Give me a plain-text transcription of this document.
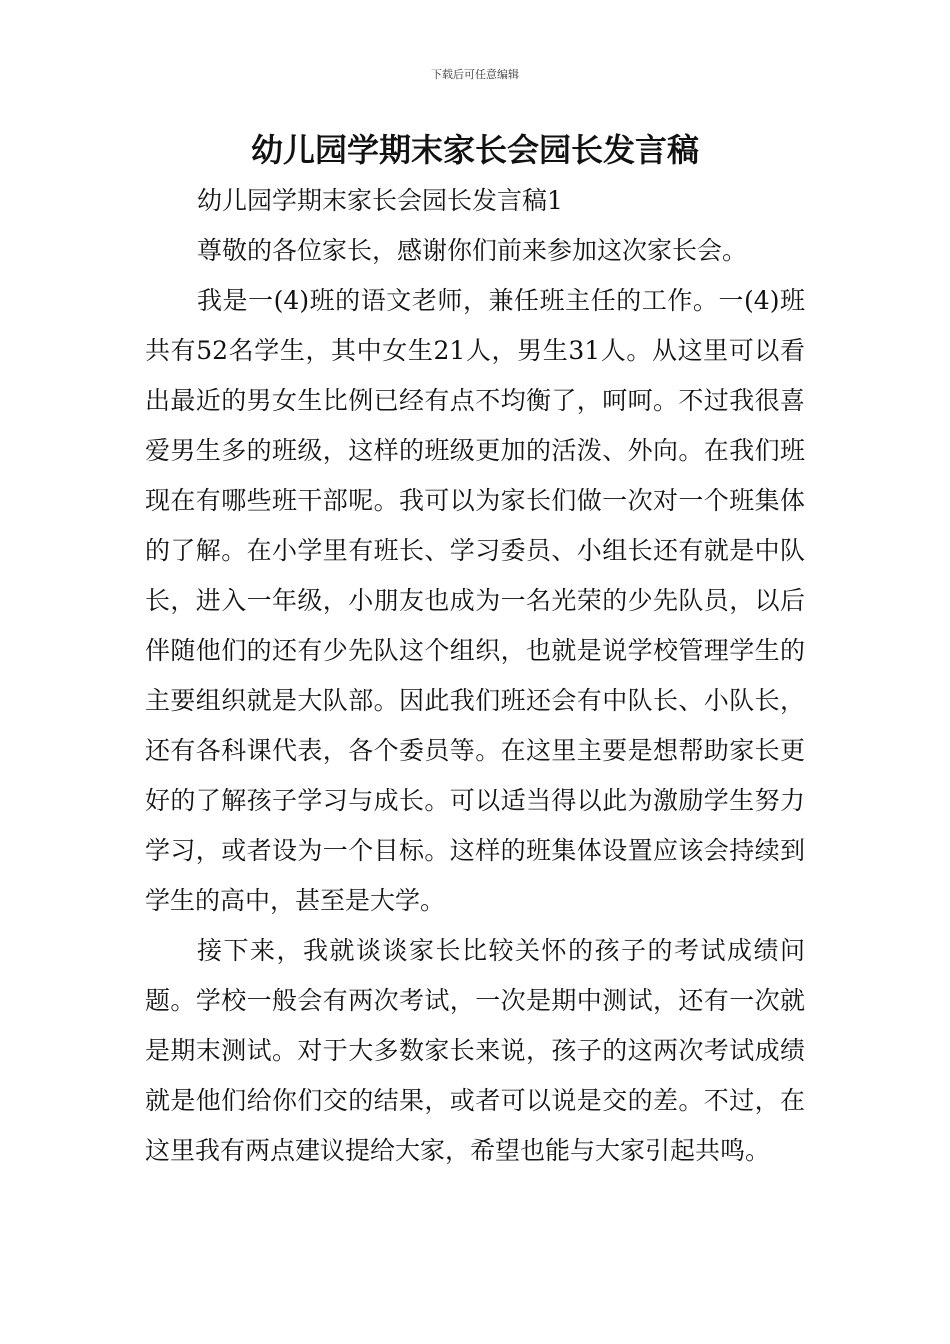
下载后可任意编辑
幼儿园学期末家长会园长发言稿

幼儿园学期末家长会园长发言稿1

尊敬的各位家长，感谢你们前来参加这次家长会。

我是一(4)班的语文老师，兼任班主任的工作。一(4)班共有52名学生，其中女生21人，男生31人。从这里可以看出最近的男女生比例已经有点不均衡了，呵呵。不过我很喜爱男生多的班级，这样的班级更加的活泼、外向。在我们班现在有哪些班干部呢。我可以为家长们做一次对一个班集体的了解。在小学里有班长、学习委员、小组长还有就是中队长，进入一年级，小朋友也成为一名光荣的少先队员，以后伴随他们的还有少先队这个组织，也就是说学校管理学生的主要组织就是大队部。因此我们班还会有中队长、小队长，还有各科课代表，各个委员等。在这里主要是想帮助家长更好的了解孩子学习与成长。可以适当得以此为激励学生努力学习，或者设为一个目标。这样的班集体设置应该会持续到学生的高中，甚至是大学。

接下来，我就谈谈家长比较关怀的孩子的考试成绩问题。学校一般会有两次考试，一次是期中测试，还有一次就是期末测试。对于大多数家长来说，孩子的这两次考试成绩就是他们给你们交的结果，或者可以说是交的差。不过，在这里我有两点建议提给大家，希望也能与大家引起共鸣。
